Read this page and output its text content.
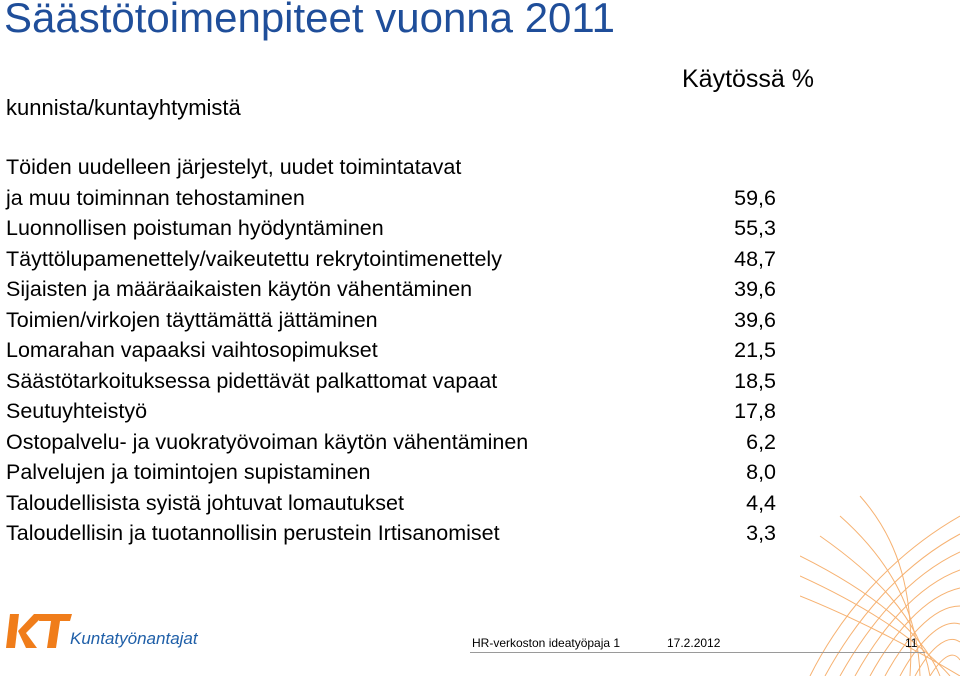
Säästötoimenpiteet vuonna 2011
kunnista/kuntayhtymistä
Käytössä %
Töiden uudelleen järjestelyt, uudet toimintatavat
ja muu toiminnan tehostaminen	59,6
Luonnollisen poistuman hyödyntäminen	55,3
Täyttölupamenettely/vaikeutettu rekrytointimenettely	48,7
Sijaisten ja määräaikaisten käytön vähentäminen	39,6
Toimien/virkojen täyttämättä jättäminen	39,6
Lomarahan vapaaksi vaihtosopimukset	21,5
Säästötarkoituksessa pidettävät palkattomat vapaat	18,5
Seutuyhteistyö	17,8
Ostopalvelu- ja vuokratyövoiman käytön vähentäminen	6,2
Palvelujen ja toimintojen supistaminen	8,0
Taloudellisista syistä johtuvat lomautukset	4,4
Taloudellisin ja tuotannollisin perustein Irtisanomiset	3,3
Kuntatyönantajat	HR-verkoston ideatyöpaja 1	17.2.2012	11
